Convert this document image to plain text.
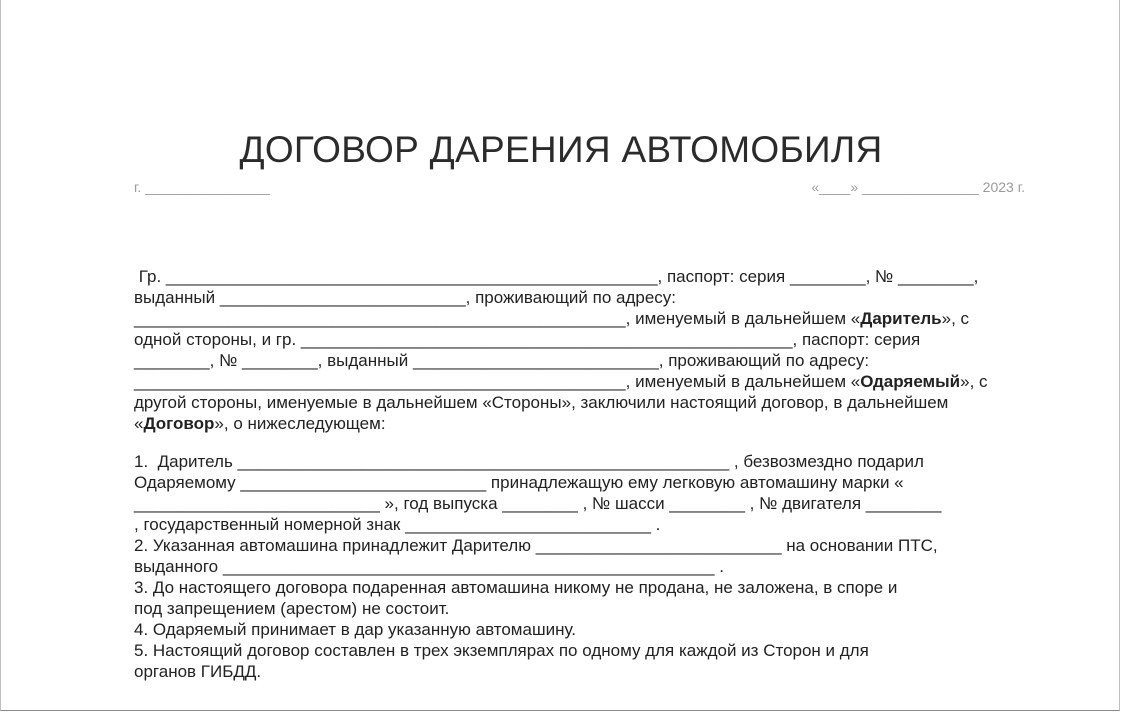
ДОГОВОР ДАРЕНИЯ АВТОМОБИЛЯ

г. ________________	«____» _______________ 2023 г.

Гр. ____________________________________________________, паспорт: серия ________, № ________, выданный __________________________, проживающий по адресу: ____________________________________________________, именуемый в дальнейшем «Даритель», с одной стороны, и гр. ____________________________________________________, паспорт: серия ________, № ________, выданный __________________________, проживающий по адресу: ____________________________________________________, именуемый в дальнейшем «Одаряемый», с другой стороны, именуемые в дальнейшем «Стороны», заключили настоящий договор, в дальнейшем «Договор», о нижеследующем:

1.  Даритель ____________________________________________________ , безвозмездно подарил

Одаряемому __________________________ принадлежащую ему легковую автомашину марки «

__________________________ », год выпуска ________ , № шасси ________ , № двигателя ________

, государственный номерной знак __________________________ .

2. Указанная автомашина принадлежит Дарителю __________________________ на основании ПТС,

выданного ____________________________________________________ .

3. До настоящего договора подаренная автомашина никому не продана, не заложена, в споре и

под запрещением (арестом) не состоит.

4. Одаряемый принимает в дар указанную автомашину.

5. Настоящий договор составлен в трех экземплярах по одному для каждой из Сторон и для

органов ГИБДД.
